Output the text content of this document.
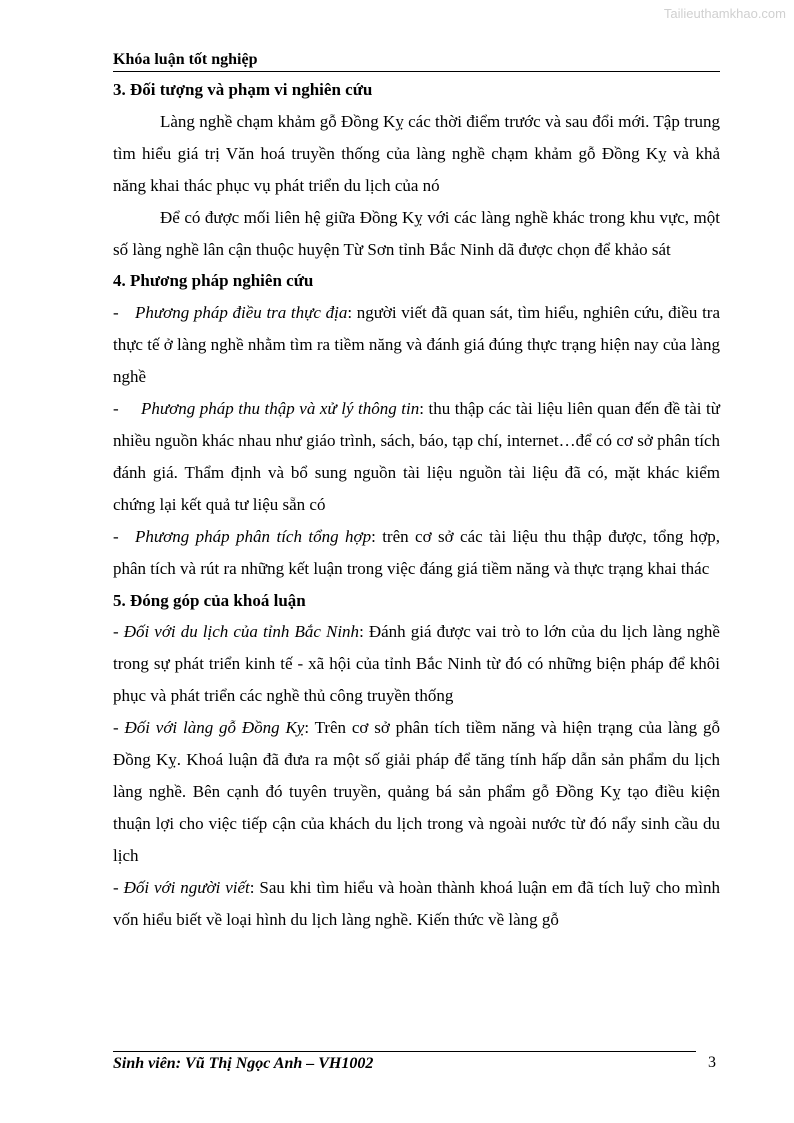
Tailieuthamkhao.com
Khóa luận tốt nghiệp

3. Đối tượng và phạm vi nghiên cứu

Làng nghề chạm khảm gỗ Đồng Kỵ các thời điểm trước và sau đổi mới. Tập trung tìm hiểu giá trị Văn hoá truyền thống của làng nghề chạm khảm gỗ Đồng Kỵ và khả năng khai thác phục vụ phát triển du lịch của nó

Để có được mối liên hệ giữa Đồng Kỵ với các làng nghề khác trong khu vực, một số làng nghề lân cận thuộc huyện Từ Sơn tỉnh Bắc Ninh dã được chọn để khảo sát

4. Phương pháp nghiên cứu

- Phương pháp điều tra thực địa: người viết đã quan sát, tìm hiểu, nghiên cứu, điều tra thực tế ở làng nghề nhằm tìm ra tiềm năng và đánh giá đúng thực trạng hiện nay của làng nghề

- Phương pháp thu thập và xử lý thông tin: thu thập các tài liệu liên quan đến đề tài từ nhiều nguồn khác nhau như giáo trình, sách, báo, tạp chí, internet…để có cơ sở phân tích đánh giá. Thẩm định và bổ sung nguồn tài liệu nguồn tài liệu đã có, mặt khác kiểm chứng lại kết quả tư liệu sẵn có

- Phương pháp phân tích tổng hợp: trên cơ sở các tài liệu thu thập được, tổng hợp, phân tích và rút ra những kết luận trong việc đáng giá tiềm năng và thực trạng khai thác

5. Đóng góp của khoá luận

- Đối với du lịch của tỉnh Bắc Ninh: Đánh giá được vai trò to lớn của du lịch làng nghề trong sự phát triển kinh tế - xã hội của tỉnh Bắc Ninh từ đó có những biện pháp để khôi phục và phát triển các nghề thủ công truyền thống

- Đối với làng gỗ Đồng Kỵ: Trên cơ sở phân tích tiềm năng và hiện trạng của làng gỗ Đồng Kỵ. Khoá luận đã đưa ra một số giải pháp để tăng tính hấp dẫn sản phẩm du lịch làng nghề. Bên cạnh đó tuyên truyền, quảng bá sản phẩm gỗ Đồng Kỵ tạo điều kiện thuận lợi cho việc tiếp cận của khách du lịch trong và ngoài nước từ đó nẩy sinh cầu du lịch

- Đối với người viết: Sau khi tìm hiểu và hoàn thành khoá luận em đã tích luỹ cho mình vốn hiểu biết về loại hình du lịch làng nghề. Kiến thức về làng gỗ

Sinh viên: Vũ Thị Ngọc Anh – VH1002	3
